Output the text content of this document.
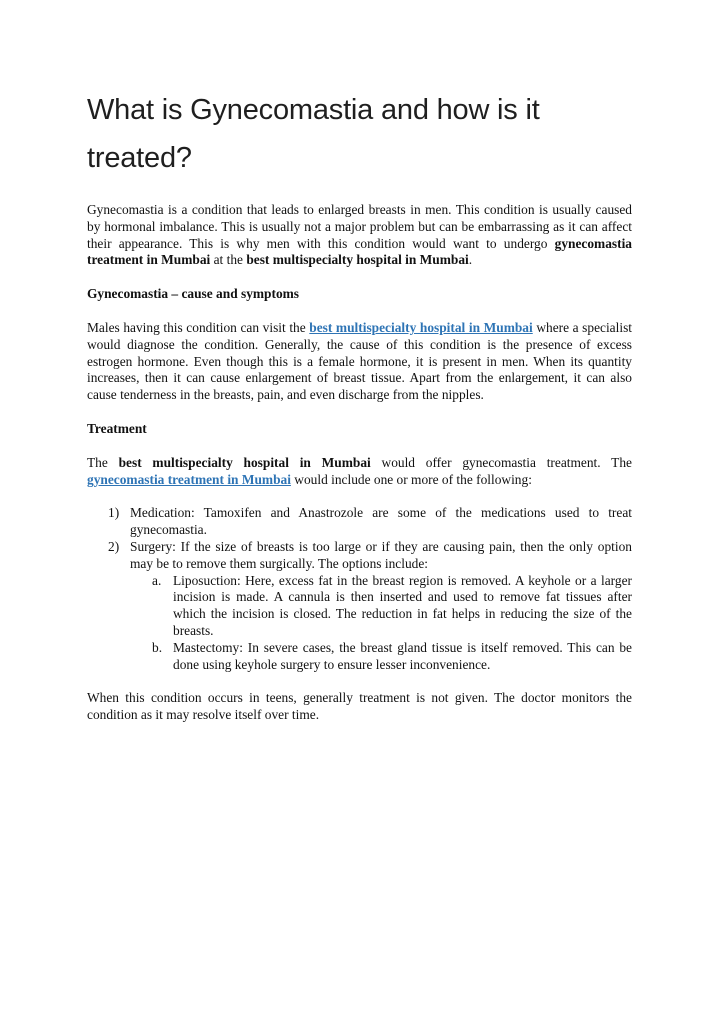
What is Gynecomastia and how is it treated?

Gynecomastia is a condition that leads to enlarged breasts in men. This condition is usually caused by hormonal imbalance. This is usually not a major problem but can be embarrassing as it can affect their appearance. This is why men with this condition would want to undergo gynecomastia treatment in Mumbai at the best multispecialty hospital in Mumbai.

Gynecomastia – cause and symptoms

Males having this condition can visit the best multispecialty hospital in Mumbai where a specialist would diagnose the condition. Generally, the cause of this condition is the presence of excess estrogen hormone. Even though this is a female hormone, it is present in men. When its quantity increases, then it can cause enlargement of breast tissue. Apart from the enlargement, it can also cause tenderness in the breasts, pain, and even discharge from the nipples.

Treatment

The best multispecialty hospital in Mumbai would offer gynecomastia treatment. The gynecomastia treatment in Mumbai would include one or more of the following:

1) Medication: Tamoxifen and Anastrozole are some of the medications used to treat gynecomastia.
2) Surgery: If the size of breasts is too large or if they are causing pain, then the only option may be to remove them surgically. The options include:
a. Liposuction: Here, excess fat in the breast region is removed. A keyhole or a larger incision is made. A cannula is then inserted and used to remove fat tissues after which the incision is closed. The reduction in fat helps in reducing the size of the breasts.
b. Mastectomy: In severe cases, the breast gland tissue is itself removed. This can be done using keyhole surgery to ensure lesser inconvenience.

When this condition occurs in teens, generally treatment is not given. The doctor monitors the condition as it may resolve itself over time.
